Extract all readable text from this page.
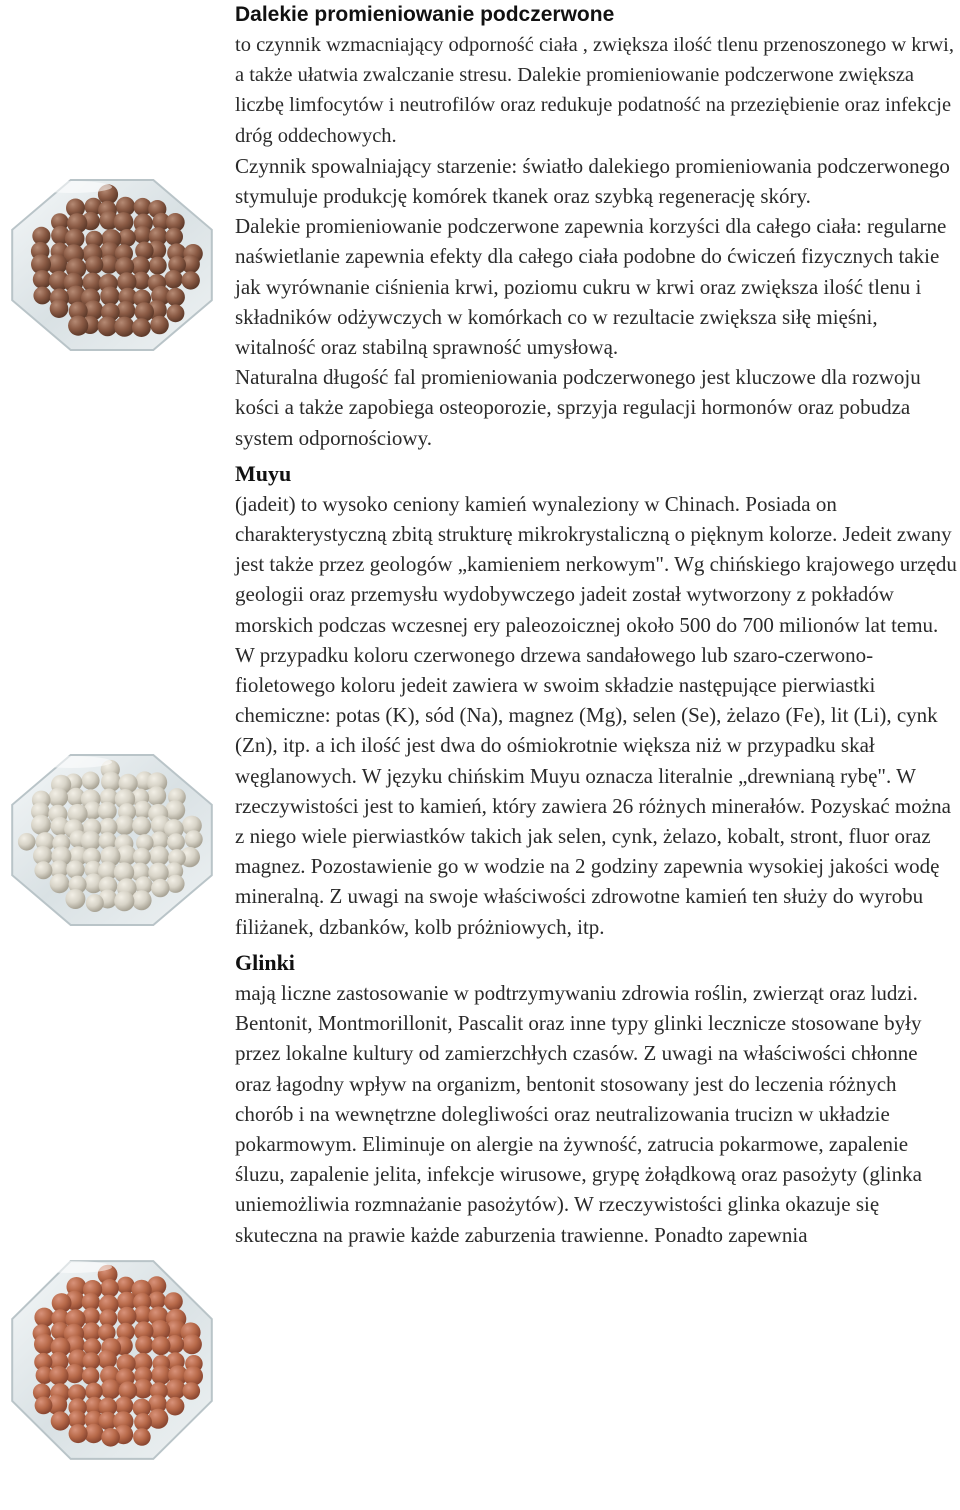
Dalekie promieniowanie podczerwone

to czynnik wzmacniający odporność ciała , zwiększa ilość tlenu przenoszonego w krwi, a także ułatwia zwalczanie stresu. Dalekie promieniowanie podczerwone zwiększa liczbę limfocytów i neutrofilów oraz redukuje podatność na przeziębienie oraz infekcje dróg oddechowych.

Czynnik spowalniający starzenie: światło dalekiego promieniowania podczerwonego stymuluje produkcję komórek tkanek oraz szybką regenerację skóry.

Dalekie promieniowanie podczerwone zapewnia korzyści dla całego ciała: regularne naświetlanie zapewnia efekty dla całego ciała podobne do ćwiczeń fizycznych takie jak wyrównanie ciśnienia krwi, poziomu cukru w krwi oraz zwiększa ilość tlenu i składników odżywczych w komórkach co w rezultacie zwiększa siłę mięśni, witalność oraz stabilną sprawność umysłową.

Naturalna długość fal promieniowania podczerwonego jest kluczowe dla rozwoju kości a także zapobiega osteoporozie, sprzyja regulacji hormonów oraz pobudza system odpornościowy.

Muyu

(jadeit) to wysoko ceniony kamień wynaleziony w Chinach. Posiada on charakterystyczną zbitą strukturę mikrokrystaliczną o pięknym kolorze. Jedeit zwany jest także przez geologów „kamieniem nerkowym". Wg chińskiego krajowego urzędu geologii oraz przemysłu wydobywczego jadeit został wytworzony z pokładów morskich podczas wczesnej ery paleozoicznej około 500 do 700 milionów lat temu.

W przypadku koloru czerwonego drzewa sandałowego lub szaro-czerwono- fioletowego koloru jedeit zawiera w swoim składzie następujące pierwiastki chemiczne: potas (K), sód (Na), magnez (Mg), selen (Se), żelazo (Fe), lit (Li), cynk (Zn), itp. a ich ilość jest dwa do ośmiokrotnie większa niż w przypadku skał węglanowych. W języku chińskim Muyu oznacza literalnie „drewnianą rybę". W rzeczywistości jest to kamień, który zawiera 26 różnych minerałów. Pozyskać można z niego wiele pierwiastków takich jak selen, cynk, żelazo, kobalt, stront, fluor oraz magnez. Pozostawienie go w wodzie na 2 godziny zapewnia wysokiej jakości wodę mineralną. Z uwagi na swoje właściwości zdrowotne kamień ten służy do wyrobu filiżanek, dzbanków, kolb próżniowych, itp.

Glinki

mają liczne zastosowanie w podtrzymywaniu zdrowia roślin, zwierząt oraz ludzi. Bentonit, Montmorillonit, Pascalit oraz inne typy glinki lecznicze stosowane były przez lokalne kultury od zamierzchłych czasów. Z uwagi na właściwości chłonne oraz łagodny wpływ na organizm, bentonit stosowany jest do leczenia różnych chorób i na wewnętrzne dolegliwości oraz neutralizowania trucizn w układzie pokarmowym. Eliminuje on alergie na żywność, zatrucia pokarmowe, zapalenie śluzu, zapalenie jelita, infekcje wirusowe, grypę żołądkową oraz pasożyty (glinka uniemożliwia rozmnażanie pasożytów). W rzeczywistości glinka okazuje się skuteczna na prawie każde zaburzenia trawienne. Ponadto zapewnia
